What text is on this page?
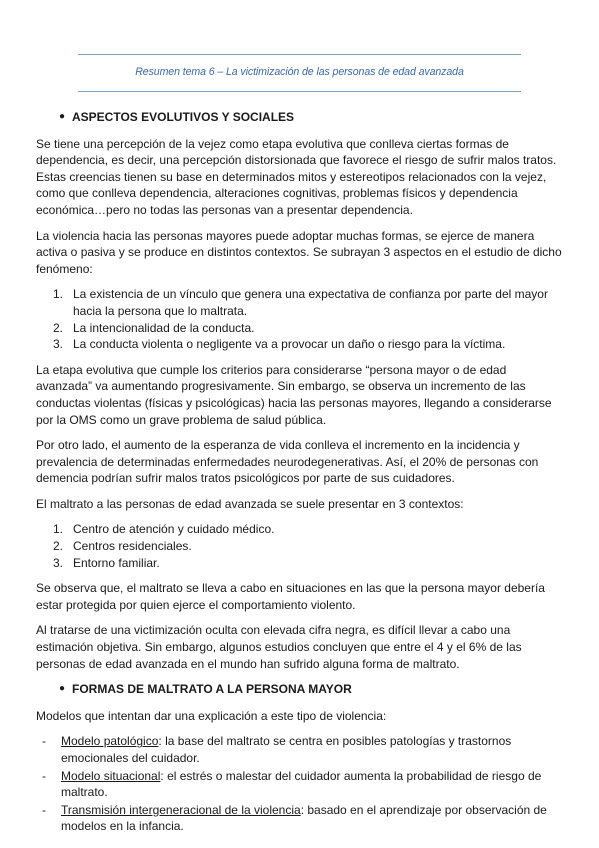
Resumen tema 6 – La victimización de las personas de edad avanzada
● ASPECTOS EVOLUTIVOS Y SOCIALES

Se tiene una percepción de la vejez como etapa evolutiva que conlleva ciertas formas de dependencia, es decir, una percepción distorsionada que favorece el riesgo de sufrir malos tratos. Estas creencias tienen su base en determinados mitos y estereotipos relacionados con la vejez, como que conlleva dependencia, alteraciones cognitivas, problemas físicos y dependencia económica…pero no todas las personas van a presentar dependencia.

La violencia hacia las personas mayores puede adoptar muchas formas, se ejerce de manera activa o pasiva y se produce en distintos contextos. Se subrayan 3 aspectos en el estudio de dicho fenómeno:

1. La existencia de un vínculo que genera una expectativa de confianza por parte del mayor hacia la persona que lo maltrata.
2. La intencionalidad de la conducta.
3. La conducta violenta o negligente va a provocar un daño o riesgo para la víctima.

La etapa evolutiva que cumple los criterios para considerarse “persona mayor o de edad avanzada” va aumentando progresivamente. Sin embargo, se observa un incremento de las conductas violentas (físicas y psicológicas) hacia las personas mayores, llegando a considerarse por la OMS como un grave problema de salud pública.

Por otro lado, el aumento de la esperanza de vida conlleva el incremento en la incidencia y prevalencia de determinadas enfermedades neurodegenerativas. Así, el 20% de personas con demencia podrían sufrir malos tratos psicológicos por parte de sus cuidadores.

El maltrato a las personas de edad avanzada se suele presentar en 3 contextos:

1. Centro de atención y cuidado médico.
2. Centros residenciales.
3. Entorno familiar.

Se observa que, el maltrato se lleva a cabo en situaciones en las que la persona mayor debería estar protegida por quien ejerce el comportamiento violento.

Al tratarse de una victimización oculta con elevada cifra negra, es difícil llevar a cabo una estimación objetiva. Sin embargo, algunos estudios concluyen que entre el 4 y el 6% de las personas de edad avanzada en el mundo han sufrido alguna forma de maltrato.

● FORMAS DE MALTRATO A LA PERSONA MAYOR

Modelos que intentan dar una explicación a este tipo de violencia:

- Modelo patológico: la base del maltrato se centra en posibles patologías y trastornos emocionales del cuidador.
- Modelo situacional: el estrés o malestar del cuidador aumenta la probabilidad de riesgo de maltrato.
- Transmisión intergeneracional de la violencia: basado en el aprendizaje por observación de modelos en la infancia.
